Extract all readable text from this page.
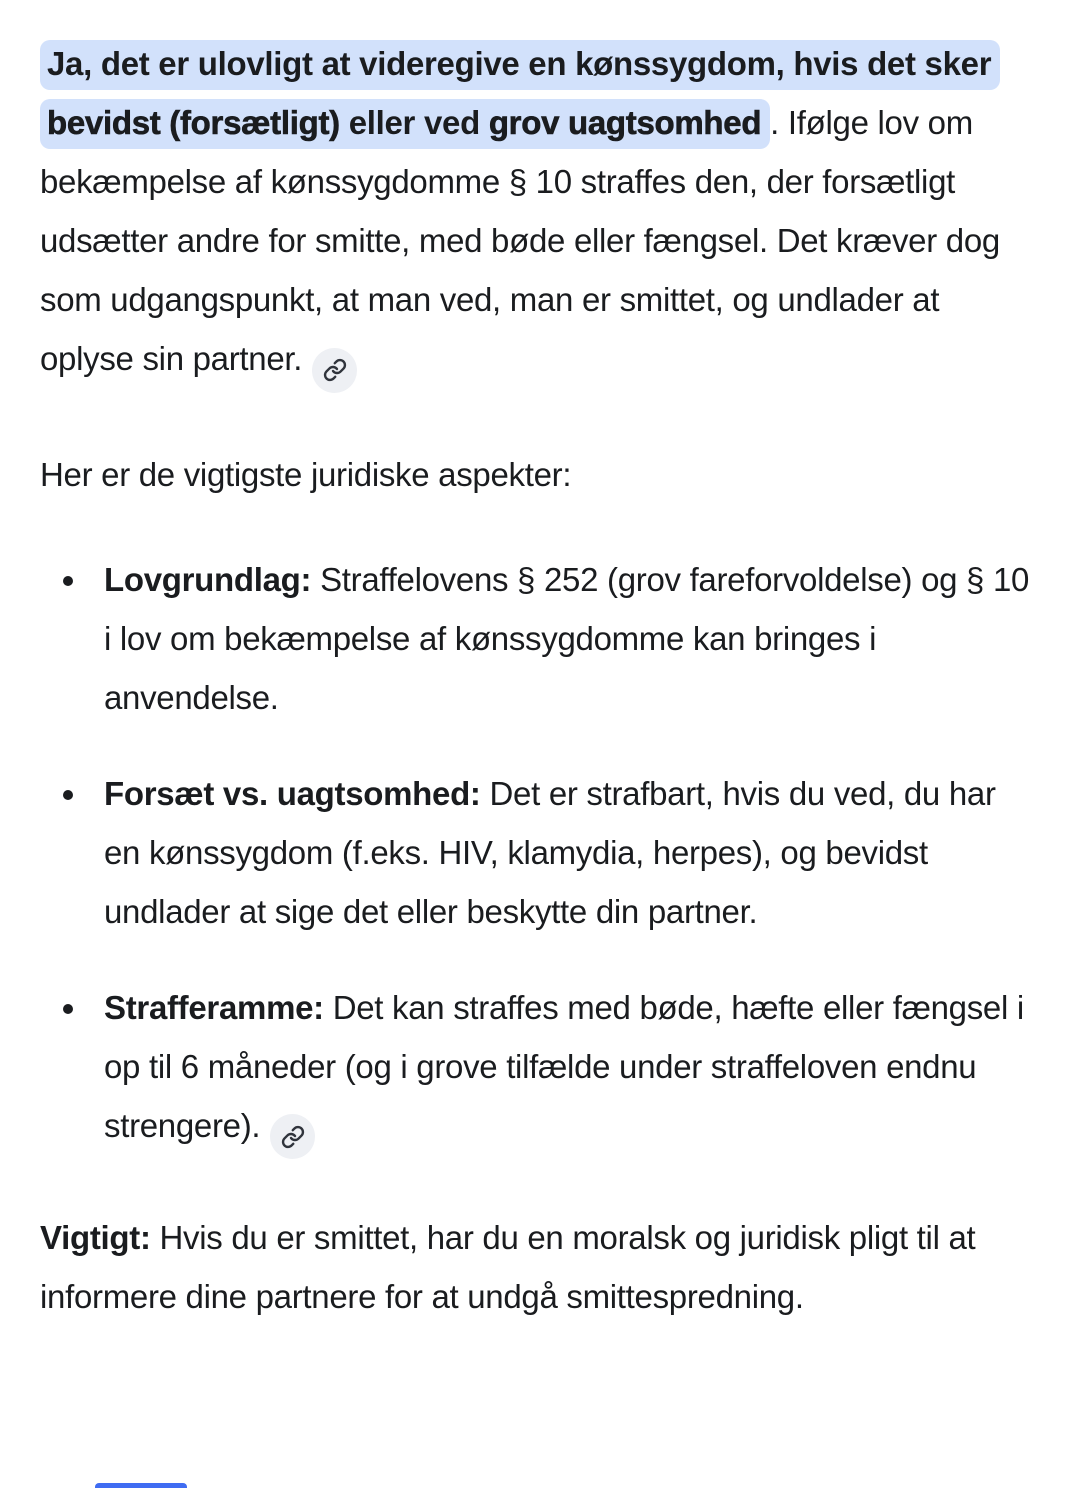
Ja, det er ulovligt at videregive en kønssygdom, hvis det sker bevidst (forsætligt) eller ved grov uagtsomhed . Ifølge lov om bekæmpelse af kønssygdomme § 10 straffes den, der forsætligt udsætter andre for smitte, med bøde eller fængsel. Det kræver dog som udgangspunkt, at man ved, man er smittet, og undlader at oplyse sin partner.

Her er de vigtigste juridiske aspekter:

• Lovgrundlag: Straffelovens § 252 (grov fareforvoldelse) og § 10 i lov om bekæmpelse af kønssygdomme kan bringes i anvendelse.
• Forsæt vs. uagtsomhed: Det er strafbart, hvis du ved, du har en kønssygdom (f.eks. HIV, klamydia, herpes), og bevidst undlader at sige det eller beskytte din partner.
• Strafferamme: Det kan straffes med bøde, hæfte eller fængsel i op til 6 måneder (og i grove tilfælde under straffeloven endnu strengere).

Vigtigt: Hvis du er smittet, har du en moralsk og juridisk pligt til at informere dine partnere for at undgå smittespredning.
